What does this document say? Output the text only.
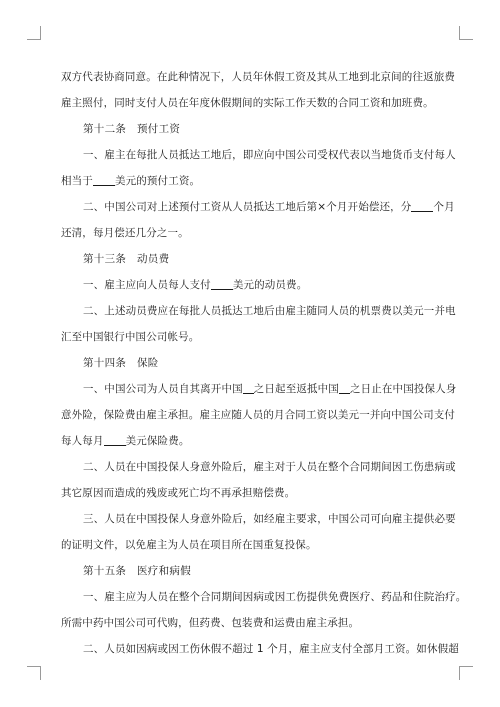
双方代表协商同意。在此种情况下，人员年休假工资及其从工地到北京间的往返旅费
雇主照付，同时支付人员在年度休假期间的实际工作天数的合同工资和加班费。
第十二条　预付工资
一、雇主在每批人员抵达工地后，即应向中国公司受权代表以当地货币支付每人
相当于 美元的预付工资。
二、中国公司对上述预付工资从人员抵达工地后第×个月开始偿还，分 个月
还清，每月偿还几分之一。
第十三条　动员费
一、雇主应向人员每人支付 美元的动员费。
二、上述动员费应在每批人员抵达工地后由雇主随同人员的机票费以美元一并电
汇至中国银行中国公司帐号。
第十四条　保险
一、中国公司为人员自其离开中国 之日起至返抵中国 之日止在中国投保人身
意外险，保险费由雇主承担。雇主应随人员的月合同工资以美元一并向中国公司支付
每人每月 美元保险费。
二、人员在中国投保人身意外险后，雇主对于人员在整个合同期间因工伤患病或
其它原因而造成的残废或死亡均不再承担赔偿费。
三、人员在中国投保人身意外险后，如经雇主要求，中国公司可向雇主提供必要
的证明文件，以免雇主为人员在项目所在国重复投保。
第十五条　医疗和病假
一、雇主应为人员在整个合同期间因病或因工伤提供免费医疗、药品和住院治疗。
所需中药中国公司可代购，但药费、包装费和运费由雇主承担。
二、人员如因病或因工伤休假不超过 1 个月，雇主应支付全部月工资。如休假超
